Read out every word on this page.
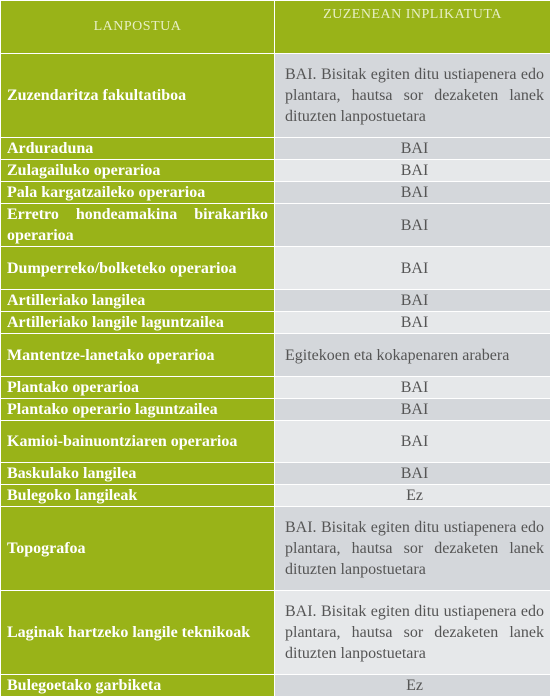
LANPOSTUA	ZUZENEAN INPLIKATUTA
Zuzendaritza fakultatiboa	BAI. Bisitak egiten ditu ustiapenera edo plantara, hautsa sor dezaketen lanek dituzten lanpostuetara
Arduraduna	BAI
Zulagailuko operarioa	BAI
Pala kargatzaileko operarioa	BAI
Erretro hondeamakina birakariko operarioa	BAI
Dumperreko/bolketeko operarioa	BAI
Artilleriako langilea	BAI
Artilleriako langile laguntzailea	BAI
Mantentze-lanetako operarioa	Egitekoen eta kokapenaren arabera
Plantako operarioa	BAI
Plantako operario laguntzailea	BAI
Kamioi-bainuontziaren operarioa	BAI
Baskulako langilea	BAI
Bulegoko langileak	Ez
Topografoa	BAI. Bisitak egiten ditu ustiapenera edo plantara, hautsa sor dezaketen lanek dituzten lanpostuetara
Laginak hartzeko langile teknikoak	BAI. Bisitak egiten ditu ustiapenera edo plantara, hautsa sor dezaketen lanek dituzten lanpostuetara
Bulegoetako garbiketa	Ez
